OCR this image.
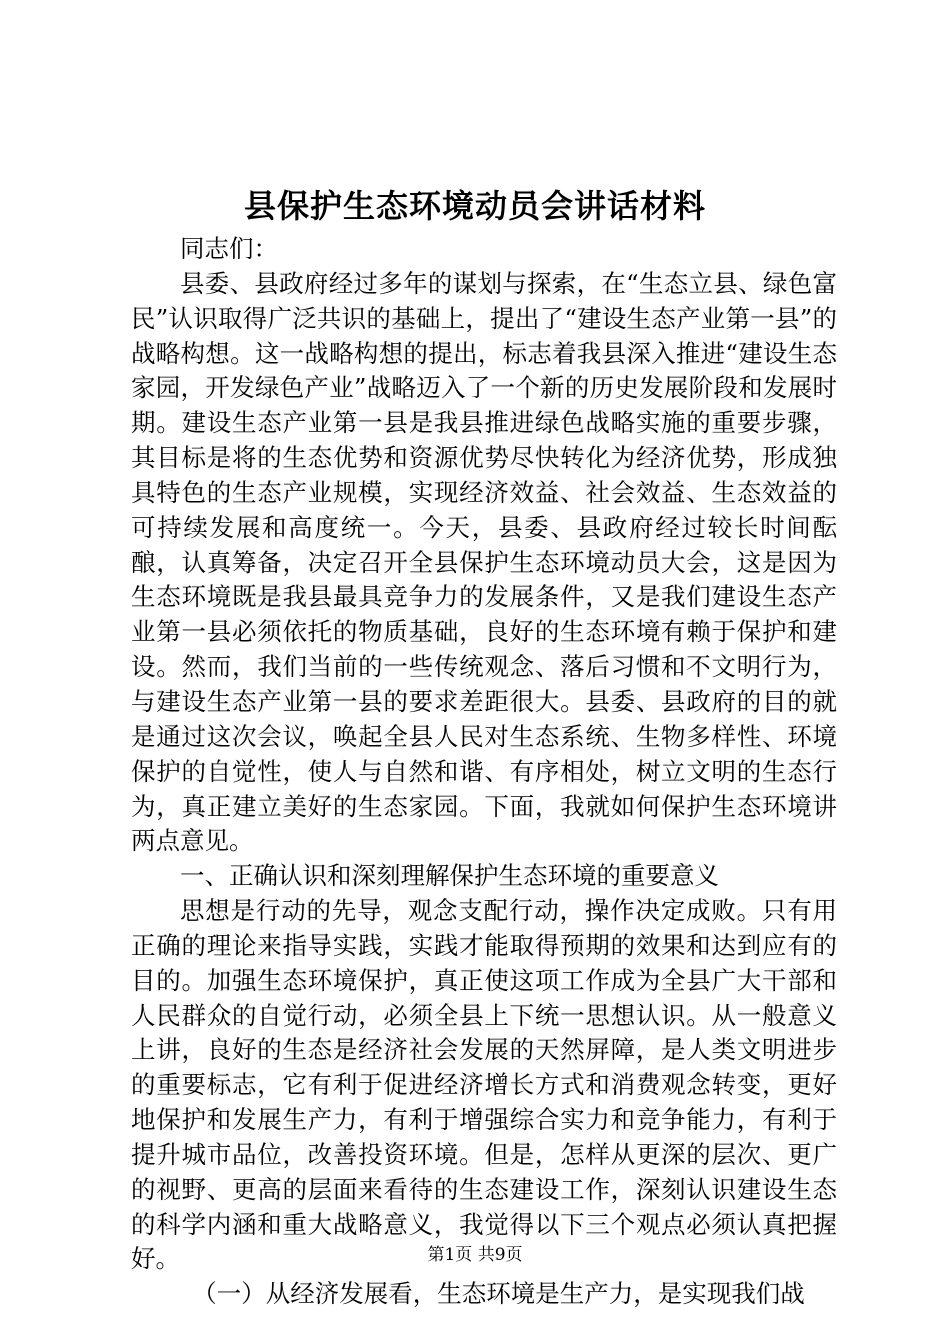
县保护生态环境动员会讲话材料

同志们：

县委、县政府经过多年的谋划与探索，在“生态立县、绿色富民”认识取得广泛共识的基础上，提出了“建设生态产业第一县”的战略构想。这一战略构想的提出，标志着我县深入推进“建设生态家园，开发绿色产业”战略迈入了一个新的历史发展阶段和发展时期。建设生态产业第一县是我县推进绿色战略实施的重要步骤，其目标是将的生态优势和资源优势尽快转化为经济优势，形成独具特色的生态产业规模，实现经济效益、社会效益、生态效益的可持续发展和高度统一。今天，县委、县政府经过较长时间酝酿，认真筹备，决定召开全县保护生态环境动员大会，这是因为生态环境既是我县最具竞争力的发展条件，又是我们建设生态产业第一县必须依托的物质基础，良好的生态环境有赖于保护和建设。然而，我们当前的一些传统观念、落后习惯和不文明行为，与建设生态产业第一县的要求差距很大。县委、县政府的目的就是通过这次会议，唤起全县人民对生态系统、生物多样性、环境保护的自觉性，使人与自然和谐、有序相处，树立文明的生态行为，真正建立美好的生态家园。下面，我就如何保护生态环境讲两点意见。

一、正确认识和深刻理解保护生态环境的重要意义

思想是行动的先导，观念支配行动，操作决定成败。只有用正确的理论来指导实践，实践才能取得预期的效果和达到应有的目的。加强生态环境保护，真正使这项工作成为全县广大干部和人民群众的自觉行动，必须全县上下统一思想认识。从一般意义上讲，良好的生态是经济社会发展的天然屏障，是人类文明进步的重要标志，它有利于促进经济增长方式和消费观念转变，更好地保护和发展生产力，有利于增强综合实力和竞争能力，有利于提升城市品位，改善投资环境。但是，怎样从更深的层次、更广的视野、更高的层面来看待的生态建设工作，深刻认识建设生态的科学内涵和重大战略意义，我觉得以下三个观点必须认真把握好。

（一）从经济发展看，生态环境是生产力，是实现我们战

第1页 共9页
